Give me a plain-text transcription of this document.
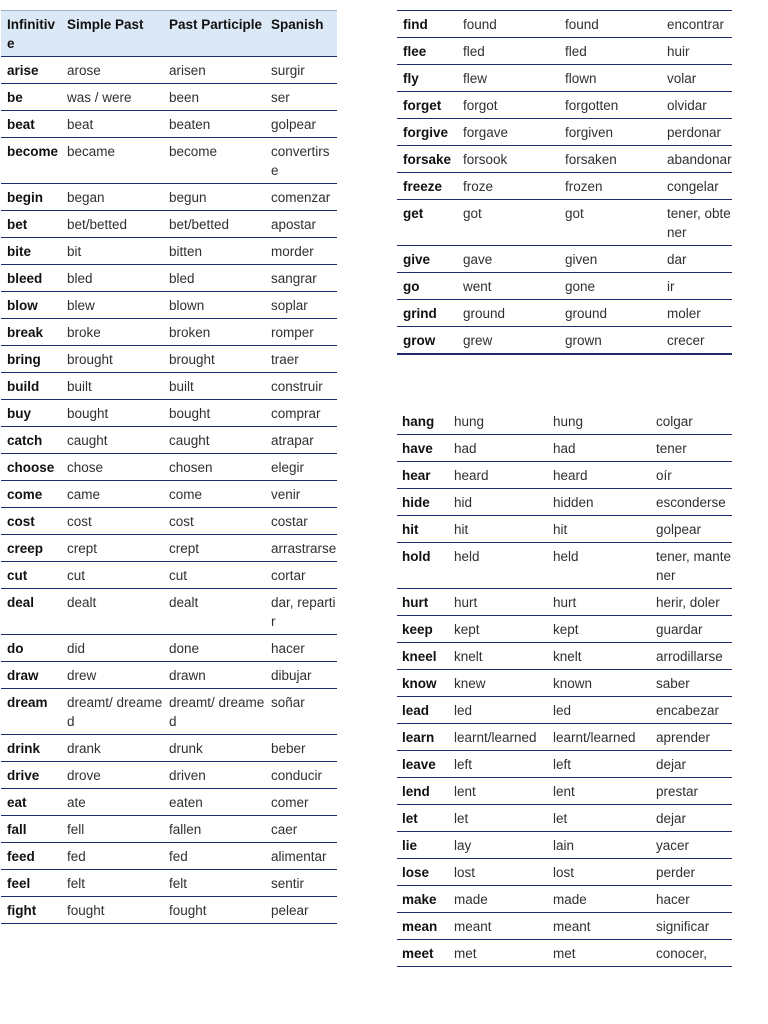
Infinitive	Simple Past	Past Participle	Spanish
arise	arose	arisen	surgir
be	was / were	been	ser
beat	beat	beaten	golpear
become	became	become	convertirse
begin	began	begun	comenzar
bet	bet/betted	bet/betted	apostar
bite	bit	bitten	morder
bleed	bled	bled	sangrar
blow	blew	blown	soplar
break	broke	broken	romper
bring	brought	brought	traer
build	built	built	construir
buy	bought	bought	comprar
catch	caught	caught	atrapar
choose	chose	chosen	elegir
come	came	come	venir
cost	cost	cost	costar
creep	crept	crept	arrastrarse
cut	cut	cut	cortar
deal	dealt	dealt	dar, repartir
do	did	done	hacer
draw	drew	drawn	dibujar
dream	dreamt/ dreamed	dreamt/ dreamed	soñar
drink	drank	drunk	beber
drive	drove	driven	conducir
eat	ate	eaten	comer
fall	fell	fallen	caer
feed	fed	fed	alimentar
feel	felt	felt	sentir
fight	fought	fought	pelear
find	found	found	encontrar
flee	fled	fled	huir
fly	flew	flown	volar
forget	forgot	forgotten	olvidar
forgive	forgave	forgiven	perdonar
forsake	forsook	forsaken	abandonar
freeze	froze	frozen	congelar
get	got	got	tener, obtener
give	gave	given	dar
go	went	gone	ir
grind	ground	ground	moler
grow	grew	grown	crecer
hang	hung	hung	colgar
have	had	had	tener
hear	heard	heard	oír
hide	hid	hidden	esconderse
hit	hit	hit	golpear
hold	held	held	tener, mantener
hurt	hurt	hurt	herir, doler
keep	kept	kept	guardar
kneel	knelt	knelt	arrodillarse
know	knew	known	saber
lead	led	led	encabezar
learn	learnt/learned	learnt/learned	aprender
leave	left	left	dejar
lend	lent	lent	prestar
let	let	let	dejar
lie	lay	lain	yacer
lose	lost	lost	perder
make	made	made	hacer
mean	meant	meant	significar
meet	met	met	conocer,
